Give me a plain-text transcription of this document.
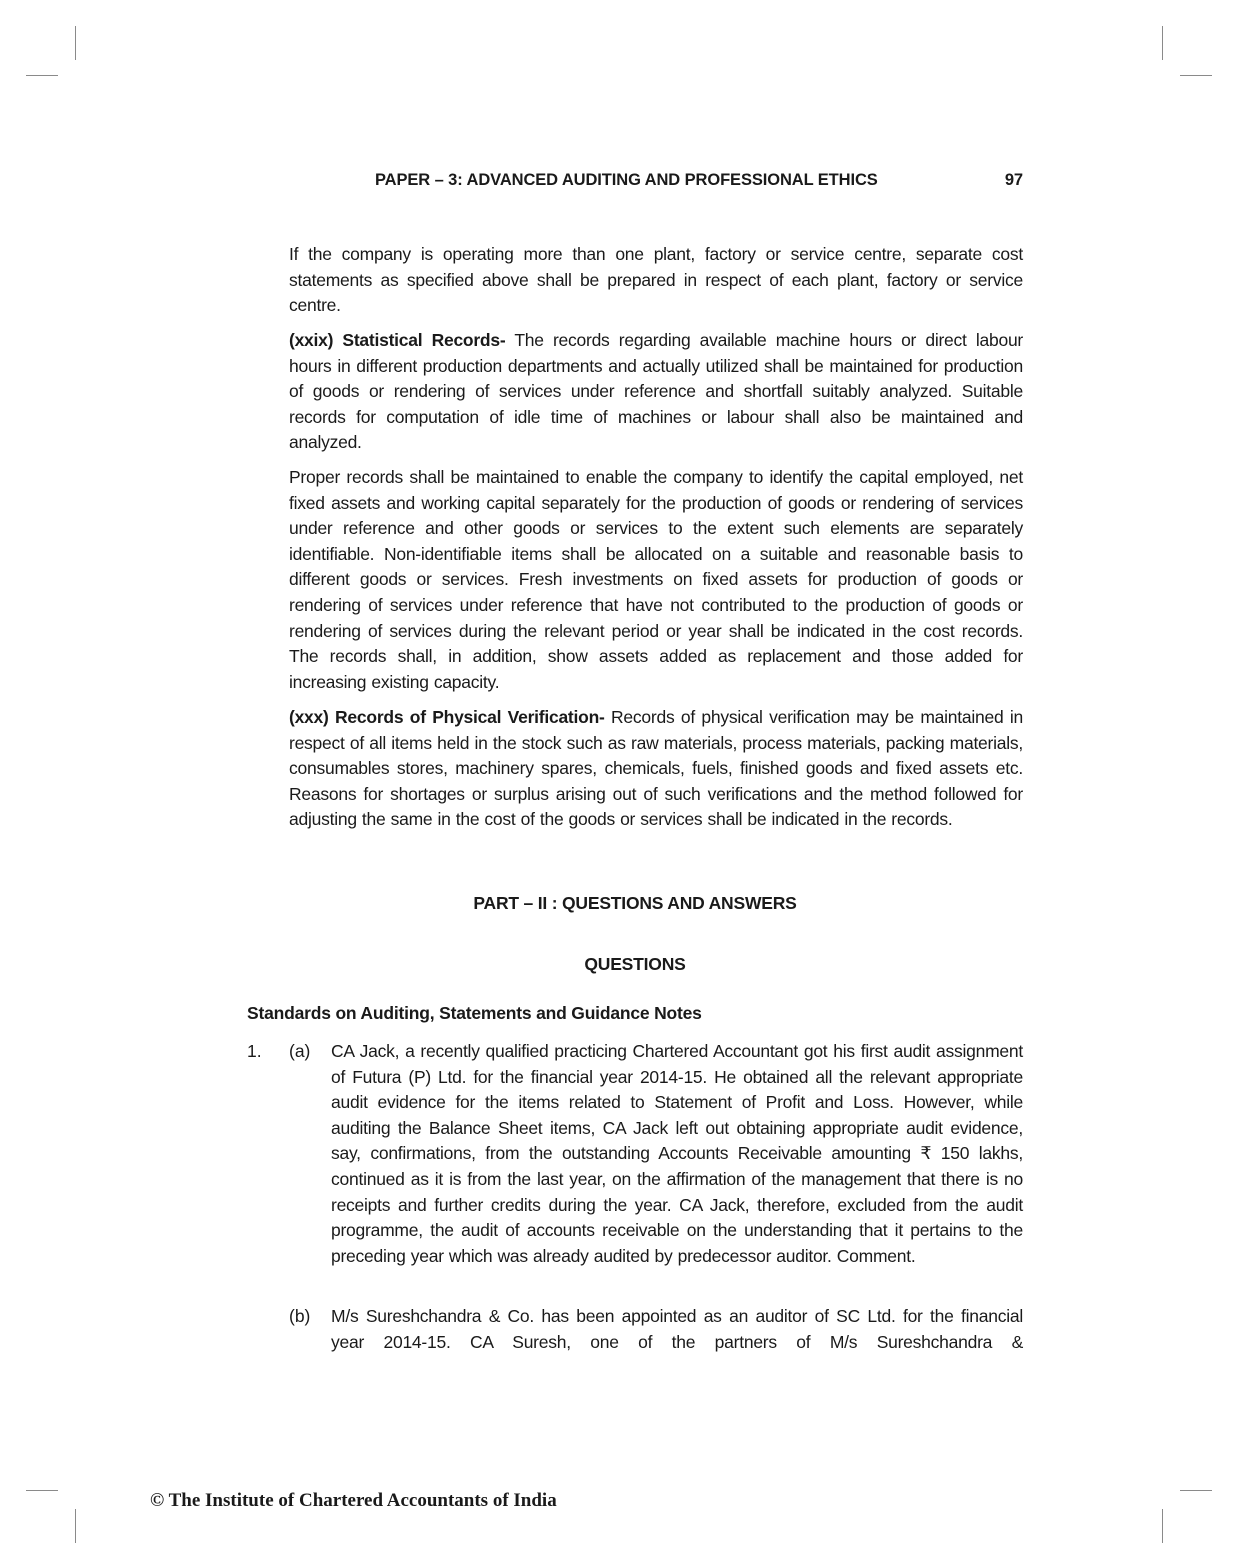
PAPER – 3: ADVANCED AUDITING AND PROFESSIONAL ETHICS	97

If the company is operating more than one plant, factory or service centre, separate cost statements as specified above shall be prepared in respect of each plant, factory or service centre.

(xxix) Statistical Records- The records regarding available machine hours or direct labour hours in different production departments and actually utilized shall be maintained for production of goods or rendering of services under reference and shortfall suitably analyzed. Suitable records for computation of idle time of machines or labour shall also be maintained and analyzed.

Proper records shall be maintained to enable the company to identify the capital employed, net fixed assets and working capital separately for the production of goods or rendering of services under reference and other goods or services to the extent such elements are separately identifiable. Non-identifiable items shall be allocated on a suitable and reasonable basis to different goods or services. Fresh investments on fixed assets for production of goods or rendering of services under reference that have not contributed to the production of goods or rendering of services during the relevant period or year shall be indicated in the cost records. The records shall, in addition, show assets added as replacement and those added for increasing existing capacity.

(xxx) Records of Physical Verification- Records of physical verification may be maintained in respect of all items held in the stock such as raw materials, process materials, packing materials, consumables stores, machinery spares, chemicals, fuels, finished goods and fixed assets etc. Reasons for shortages or surplus arising out of such verifications and the method followed for adjusting the same in the cost of the goods or services shall be indicated in the records.

PART – II : QUESTIONS AND ANSWERS
QUESTIONS
Standards on Auditing, Statements and Guidance Notes
1. (a) CA Jack, a recently qualified practicing Chartered Accountant got his first audit assignment of Futura (P) Ltd. for the financial year 2014-15. He obtained all the relevant appropriate audit evidence for the items related to Statement of Profit and Loss. However, while auditing the Balance Sheet items, CA Jack left out obtaining appropriate audit evidence, say, confirmations, from the outstanding Accounts Receivable amounting ₹ 150 lakhs, continued as it is from the last year, on the affirmation of the management that there is no receipts and further credits during the year. CA Jack, therefore, excluded from the audit programme, the audit of accounts receivable on the understanding that it pertains to the preceding year which was already audited by predecessor auditor. Comment.

(b) M/s Sureshchandra & Co. has been appointed as an auditor of SC Ltd. for the financial year 2014-15. CA Suresh, one of the partners of M/s Sureshchandra &

© The Institute of Chartered Accountants of India
